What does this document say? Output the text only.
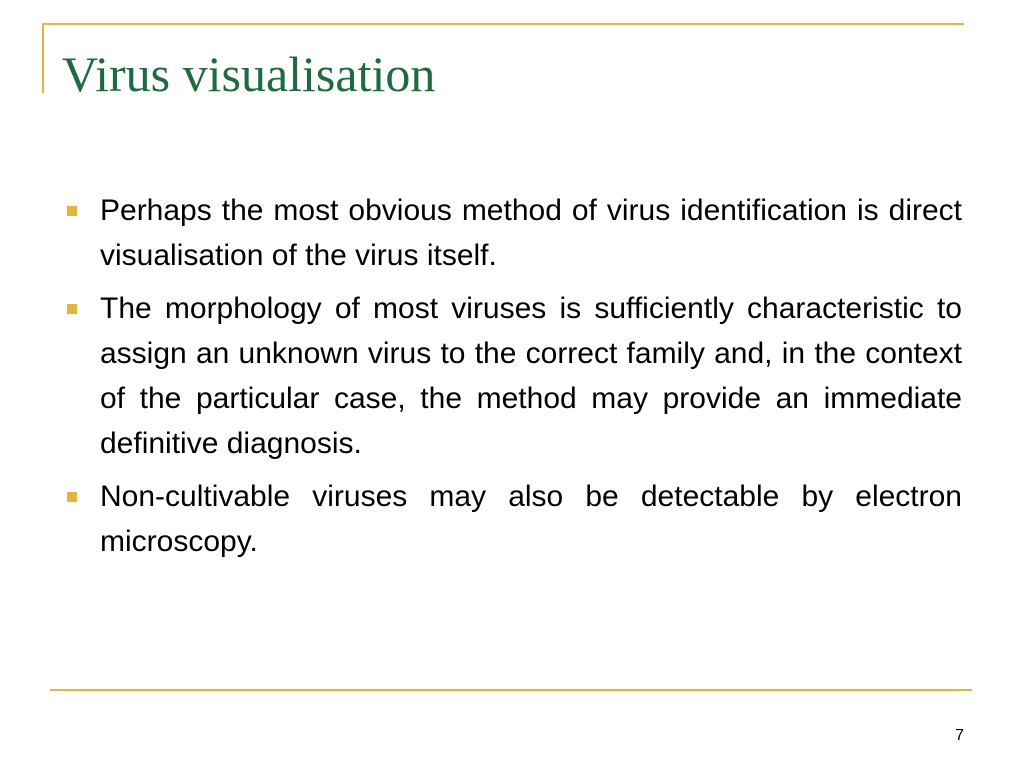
Virus visualisation
Perhaps the most obvious method of virus identification is direct visualisation of the virus itself.
The morphology of most viruses is sufficiently characteristic to assign an unknown virus to the correct family and, in the context of the particular case, the method may provide an immediate definitive diagnosis.
Non-cultivable viruses may also be detectable by electron microscopy.
7
